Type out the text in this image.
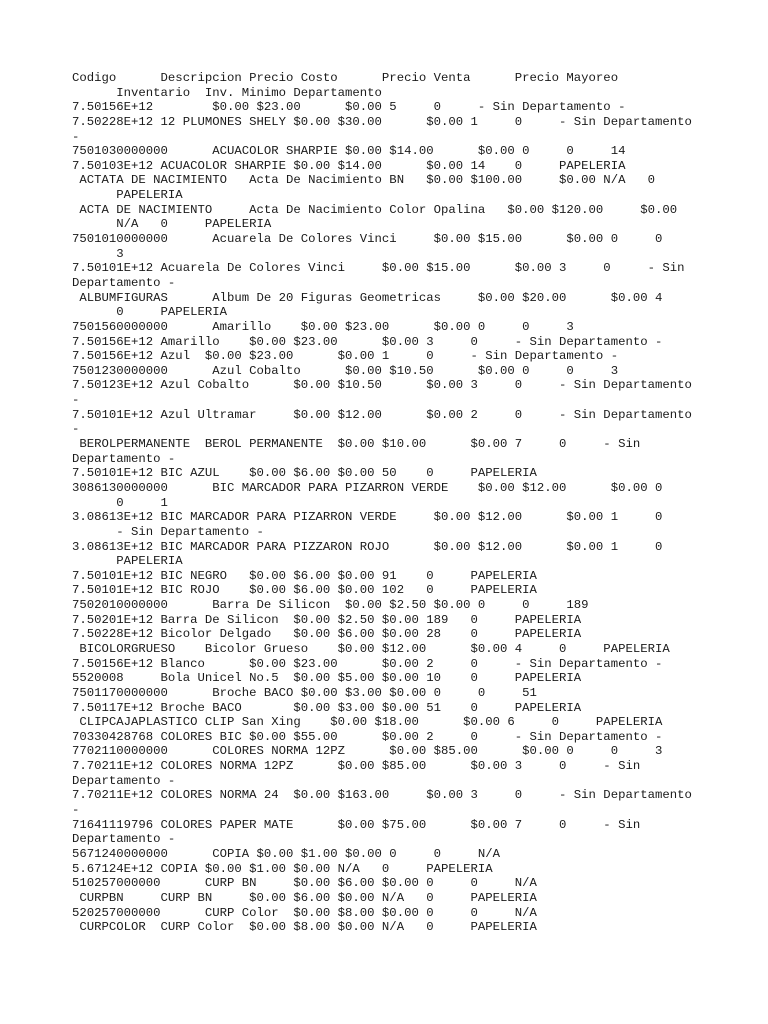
Codigo      Descripcion Precio Costo      Precio Venta      Precio Mayoreo
Inventario  Inv. Minimo Departamento
7.50156E+12        $0.00 $23.00      $0.00 5     0     - Sin Departamento -
7.50228E+12 12 PLUMONES SHELY $0.00 $30.00      $0.00 1     0     - Sin Departamento
-
7501030000000      ACUACOLOR SHARPIE $0.00 $14.00      $0.00 0     0     14
7.50103E+12 ACUACOLOR SHARPIE $0.00 $14.00      $0.00 14    0     PAPELERIA
ACTATA DE NACIMIENTO   Acta De Nacimiento BN   $0.00 $100.00     $0.00 N/A   0
PAPELERIA
ACTA DE NACIMIENTO     Acta De Nacimiento Color Opalina   $0.00 $120.00     $0.00
N/A   0     PAPELERIA
7501010000000      Acuarela De Colores Vinci     $0.00 $15.00      $0.00 0     0
3
7.50101E+12 Acuarela De Colores Vinci     $0.00 $15.00      $0.00 3     0     - Sin
Departamento -
ALBUMFIGURAS      Album De 20 Figuras Geometricas     $0.00 $20.00      $0.00 4
0     PAPELERIA
7501560000000      Amarillo    $0.00 $23.00      $0.00 0     0     3
7.50156E+12 Amarillo    $0.00 $23.00      $0.00 3     0     - Sin Departamento -
7.50156E+12 Azul  $0.00 $23.00      $0.00 1     0     - Sin Departamento -
7501230000000      Azul Cobalto      $0.00 $10.50      $0.00 0     0     3
7.50123E+12 Azul Cobalto      $0.00 $10.50      $0.00 3     0     - Sin Departamento
-
7.50101E+12 Azul Ultramar     $0.00 $12.00      $0.00 2     0     - Sin Departamento
-
BEROLPERMANENTE  BEROL PERMANENTE  $0.00 $10.00      $0.00 7     0     - Sin
Departamento -
7.50101E+12 BIC AZUL    $0.00 $6.00 $0.00 50    0     PAPELERIA
3086130000000      BIC MARCADOR PARA PIZARRON VERDE    $0.00 $12.00      $0.00 0
0     1
3.08613E+12 BIC MARCADOR PARA PIZARRON VERDE     $0.00 $12.00      $0.00 1     0
- Sin Departamento -
3.08613E+12 BIC MARCADOR PARA PIZZARON ROJO      $0.00 $12.00      $0.00 1     0
PAPELERIA
7.50101E+12 BIC NEGRO   $0.00 $6.00 $0.00 91    0     PAPELERIA
7.50101E+12 BIC ROJO    $0.00 $6.00 $0.00 102   0     PAPELERIA
7502010000000      Barra De Silicon  $0.00 $2.50 $0.00 0     0     189
7.50201E+12 Barra De Silicon  $0.00 $2.50 $0.00 189   0     PAPELERIA
7.50228E+12 Bicolor Delgado   $0.00 $6.00 $0.00 28    0     PAPELERIA
BICOLORGRUESO    Bicolor Grueso    $0.00 $12.00      $0.00 4     0     PAPELERIA
7.50156E+12 Blanco      $0.00 $23.00      $0.00 2     0     - Sin Departamento -
5520008     Bola Unicel No.5  $0.00 $5.00 $0.00 10    0     PAPELERIA
7501170000000      Broche BACO $0.00 $3.00 $0.00 0     0     51
7.50117E+12 Broche BACO       $0.00 $3.00 $0.00 51    0     PAPELERIA
CLIPCAJAPLASTICO CLIP San Xing    $0.00 $18.00      $0.00 6     0     PAPELERIA
70330428768 COLORES BIC $0.00 $55.00      $0.00 2     0     - Sin Departamento -
7702110000000      COLORES NORMA 12PZ      $0.00 $85.00      $0.00 0     0     3
7.70211E+12 COLORES NORMA 12PZ      $0.00 $85.00      $0.00 3     0     - Sin
Departamento -
7.70211E+12 COLORES NORMA 24  $0.00 $163.00     $0.00 3     0     - Sin Departamento
-
71641119796 COLORES PAPER MATE      $0.00 $75.00      $0.00 7     0     - Sin
Departamento -
5671240000000      COPIA $0.00 $1.00 $0.00 0     0     N/A
5.67124E+12 COPIA $0.00 $1.00 $0.00 N/A   0     PAPELERIA
510257000000      CURP BN     $0.00 $6.00 $0.00 0     0     N/A
CURPBN     CURP BN     $0.00 $6.00 $0.00 N/A   0     PAPELERIA
520257000000      CURP Color  $0.00 $8.00 $0.00 0     0     N/A
CURPCOLOR  CURP Color  $0.00 $8.00 $0.00 N/A   0     PAPELERIA
